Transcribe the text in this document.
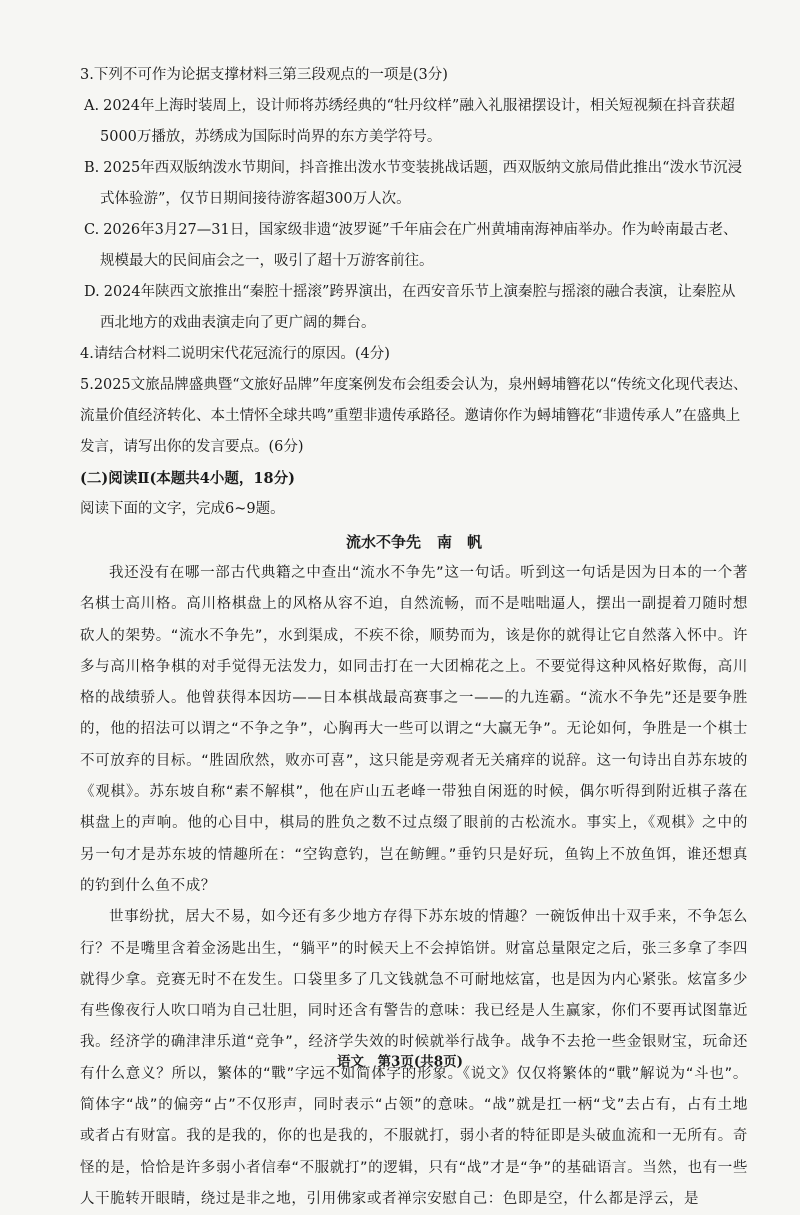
3.下列不可作为论据支撑材料三第三段观点的一项是(3分)

A. 2024年上海时装周上，设计师将苏绣经典的“牡丹纹样”融入礼服裙摆设计，相关短视频在抖音获超5000万播放，苏绣成为国际时尚界的东方美学符号。

B. 2025年西双版纳泼水节期间，抖音推出泼水节变装挑战话题，西双版纳文旅局借此推出“泼水节沉浸式体验游”，仅节日期间接待游客超300万人次。

C. 2026年3月27—31日，国家级非遗“波罗诞”千年庙会在广州黄埔南海神庙举办。作为岭南最古老、规模最大的民间庙会之一，吸引了超十万游客前往。

D. 2024年陕西文旅推出“秦腔十摇滚”跨界演出，在西安音乐节上演秦腔与摇滚的融合表演，让秦腔从西北地方的戏曲表演走向了更广阔的舞台。

4.请结合材料二说明宋代花冠流行的原因。(4分)

5.2025文旅品牌盛典暨“文旅好品牌”年度案例发布会组委会认为，泉州蟳埔簪花以“传统文化现代表达、流量价值经济转化、本土情怀全球共鸣”重塑非遗传承路径。邀请你作为蟳埔簪花“非遗传承人”在盛典上发言，请写出你的发言要点。(6分)

(二)阅读Ⅱ(本题共4小题，18分)

阅读下面的文字，完成6~9题。

流水不争先 南　帆

我还没有在哪一部古代典籍之中查出“流水不争先”这一句话。听到这一句话是因为日本的一个著名棋士高川格。高川格棋盘上的风格从容不迫，自然流畅，而不是咄咄逼人，摆出一副提着刀随时想砍人的架势。“流水不争先”，水到渠成，不疾不徐，顺势而为，该是你的就得让它自然落入怀中。许多与高川格争棋的对手觉得无法发力，如同击打在一大团棉花之上。不要觉得这种风格好欺侮，高川格的战绩骄人。他曾获得本因坊——日本棋战最高赛事之一——的九连霸。“流水不争先”还是要争胜的，他的招法可以谓之“不争之争”，心胸再大一些可以谓之“大赢无争”。无论如何，争胜是一个棋士不可放弃的目标。“胜固欣然，败亦可喜”，这只能是旁观者无关痛痒的说辞。这一句诗出自苏东坡的《观棋》。苏东坡自称“素不解棋”，他在庐山五老峰一带独自闲逛的时候，偶尔听得到附近棋子落在棋盘上的声响。他的心目中，棋局的胜负之数不过点缀了眼前的古松流水。事实上，《观棋》之中的另一句才是苏东坡的情趣所在：“空钩意钓，岂在鲂鲤。”垂钓只是好玩，鱼钩上不放鱼饵，谁还想真的钓到什么鱼不成？

世事纷扰，居大不易，如今还有多少地方存得下苏东坡的情趣？一碗饭伸出十双手来，不争怎么行？不是嘴里含着金汤匙出生，“躺平”的时候天上不会掉馅饼。财富总量限定之后，张三多拿了李四就得少拿。竞赛无时不在发生。口袋里多了几文钱就急不可耐地炫富，也是因为内心紧张。炫富多少有些像夜行人吹口哨为自己壮胆，同时还含有警告的意味：我已经是人生赢家，你们不要再试图靠近我。经济学的确津津乐道“竞争”，经济学失效的时候就举行战争。战争不去抢一些金银财宝，玩命还有什么意义？所以，繁体的“戰”字远不如简体字的形象。《说文》仅仅将繁体的“戰”解说为“斗也”。简体字“战”的偏旁“占”不仅形声，同时表示“占领”的意味。“战”就是扛一柄“戈”去占有，占有土地或者占有财富。我的是我的，你的也是我的，不服就打，弱小者的特征即是头破血流和一无所有。奇怪的是，恰恰是许多弱小者信奉“不服就打”的逻辑，只有“战”才是“争”的基础语言。当然，也有一些人干脆转开眼睛，绕过是非之地，引用佛家或者禅宗安慰自己：色即是空，什么都是浮云，是

语文　第3页(共8页)
